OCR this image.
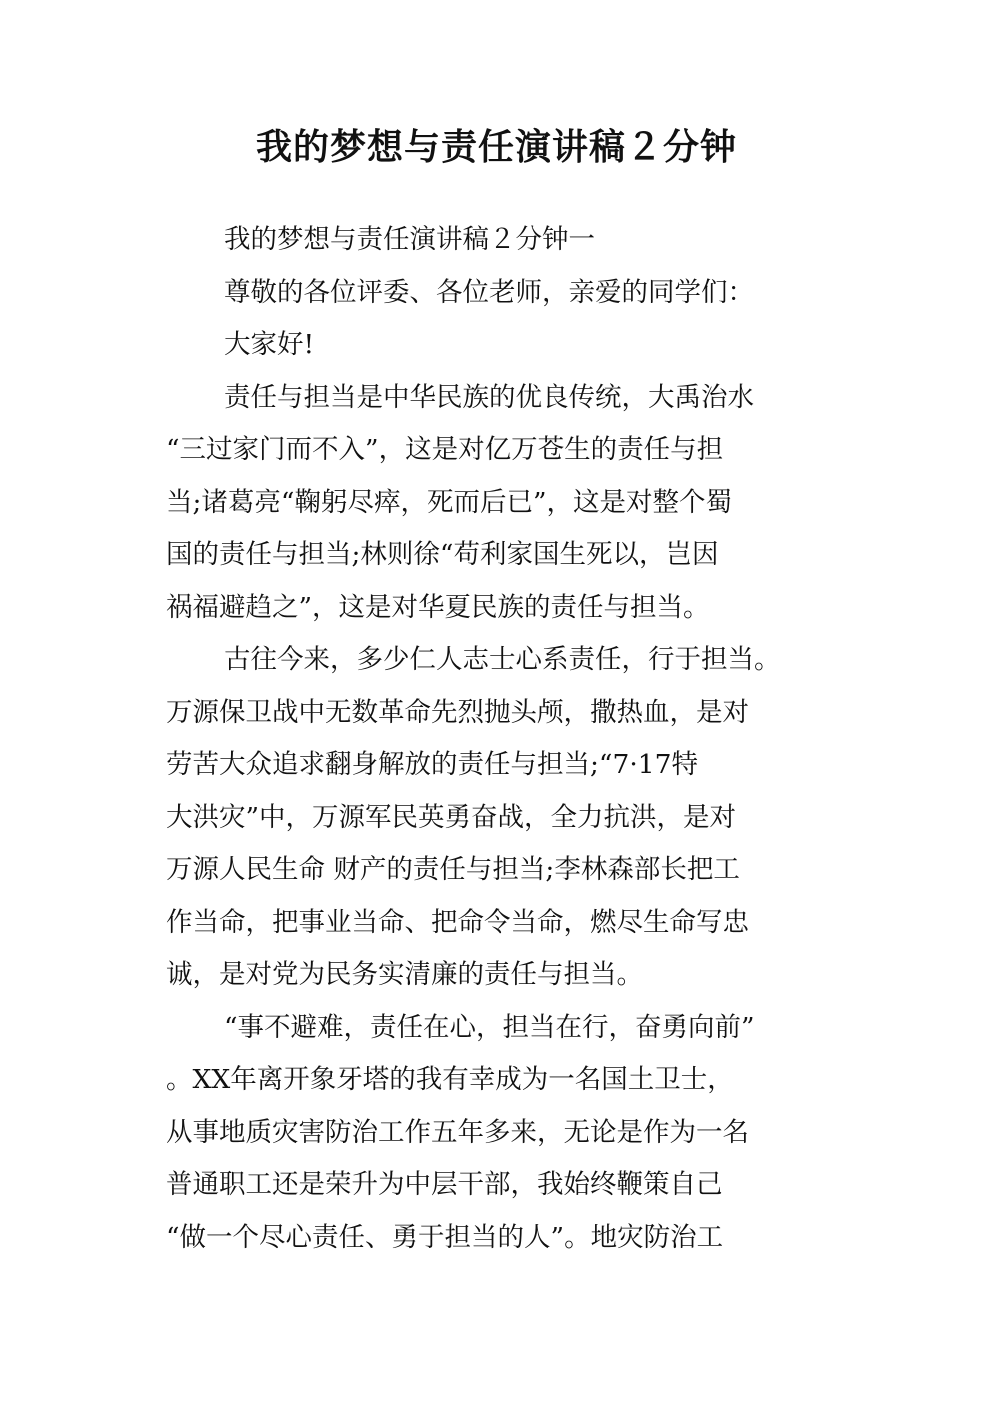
我的梦想与责任演讲稿２分钟
我的梦想与责任演讲稿２分钟一
尊敬的各位评委、各位老师，亲爱的同学们：
大家好!
责任与担当是中华民族的优良传统，大禹治水
“三过家门而不入”，这是对亿万苍生的责任与担
当;诸葛亮“鞠躬尽瘁，死而后已”，这是对整个蜀
国的责任与担当;林则徐“苟利家国生死以，岂因
祸福避趋之”，这是对华夏民族的责任与担当。
古往今来，多少仁人志士心系责任，行于担当。
万源保卫战中无数革命先烈抛头颅，撒热血，是对
劳苦大众追求翻身解放的责任与担当;“7·17特
大洪灾”中，万源军民英勇奋战，全力抗洪，是对
万源人民生命 财产的责任与担当;李林森部长把工
作当命，把事业当命、把命令当命，燃尽生命写忠
诚，是对党为民务实清廉的责任与担当。
“事不避难，责任在心，担当在行，奋勇向前”
。XX年离开象牙塔的我有幸成为一名国土卫士，
从事地质灾害防治工作五年多来，无论是作为一名
普通职工还是荣升为中层干部，我始终鞭策自己
“做一个尽心责任、勇于担当的人”。地灾防治工
